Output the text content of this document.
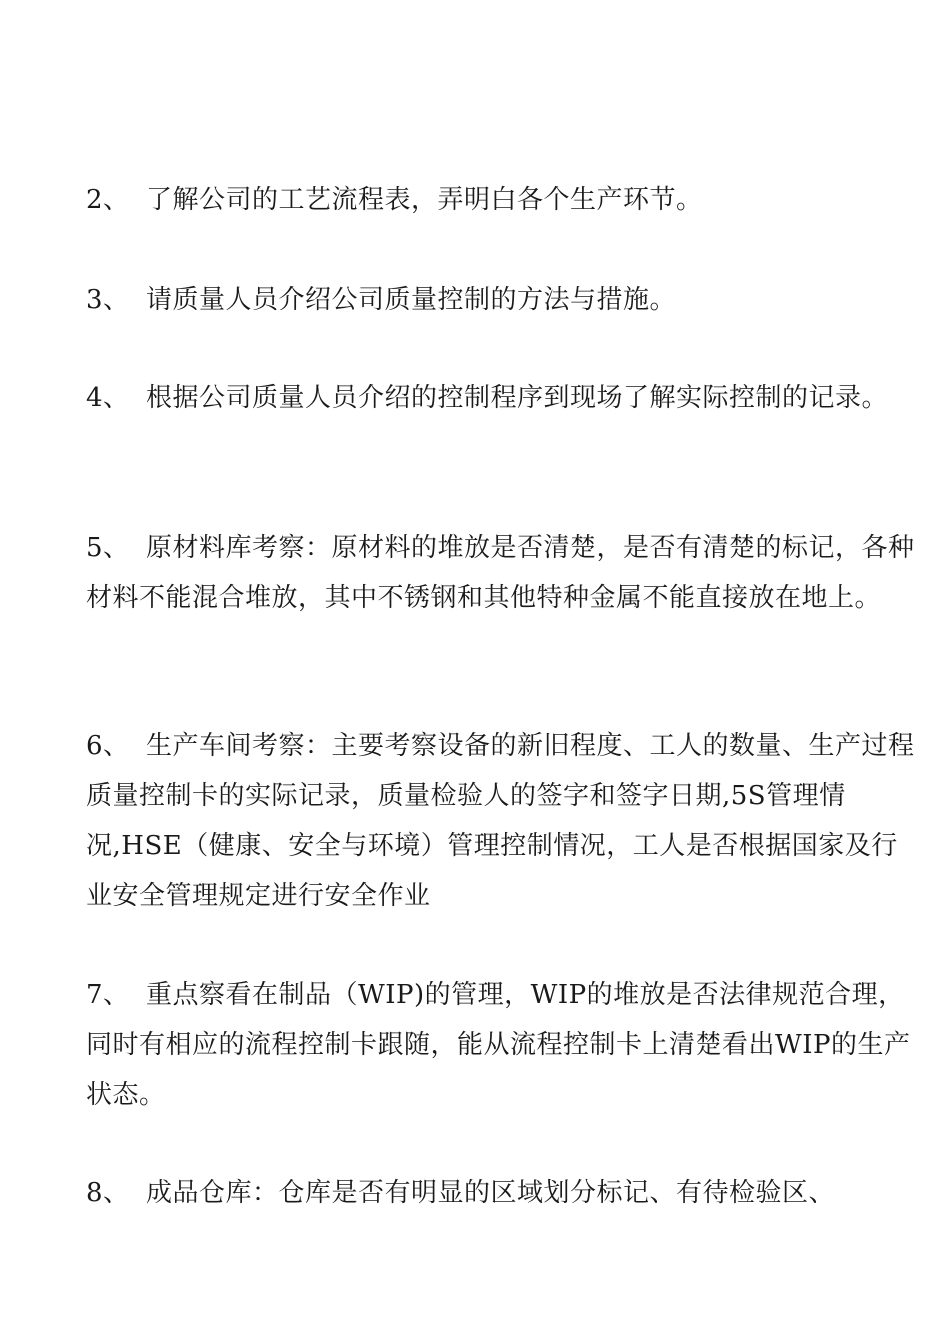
2、 了解公司的工艺流程表，弄明白各个生产环节。
3、 请质量人员介绍公司质量控制的方法与措施。
4、 根据公司质量人员介绍的控制程序到现场了解实际控制的记录。
5、 原材料库考察：原材料的堆放是否清楚，是否有清楚的标记，各种材料不能混合堆放，其中不锈钢和其他特种金属不能直接放在地上。
6、 生产车间考察：主要考察设备的新旧程度、工人的数量、生产过程质量控制卡的实际记录，质量检验人的签字和签字日期,5S管理情况,HSE（健康、安全与环境）管理控制情况，工人是否根据国家及行业安全管理规定进行安全作业
7、 重点察看在制品（WIP)的管理，WIP的堆放是否法律规范合理，同时有相应的流程控制卡跟随，能从流程控制卡上清楚看出WIP的生产状态。
8、 成品仓库：仓库是否有明显的区域划分标记、有待检验区、
